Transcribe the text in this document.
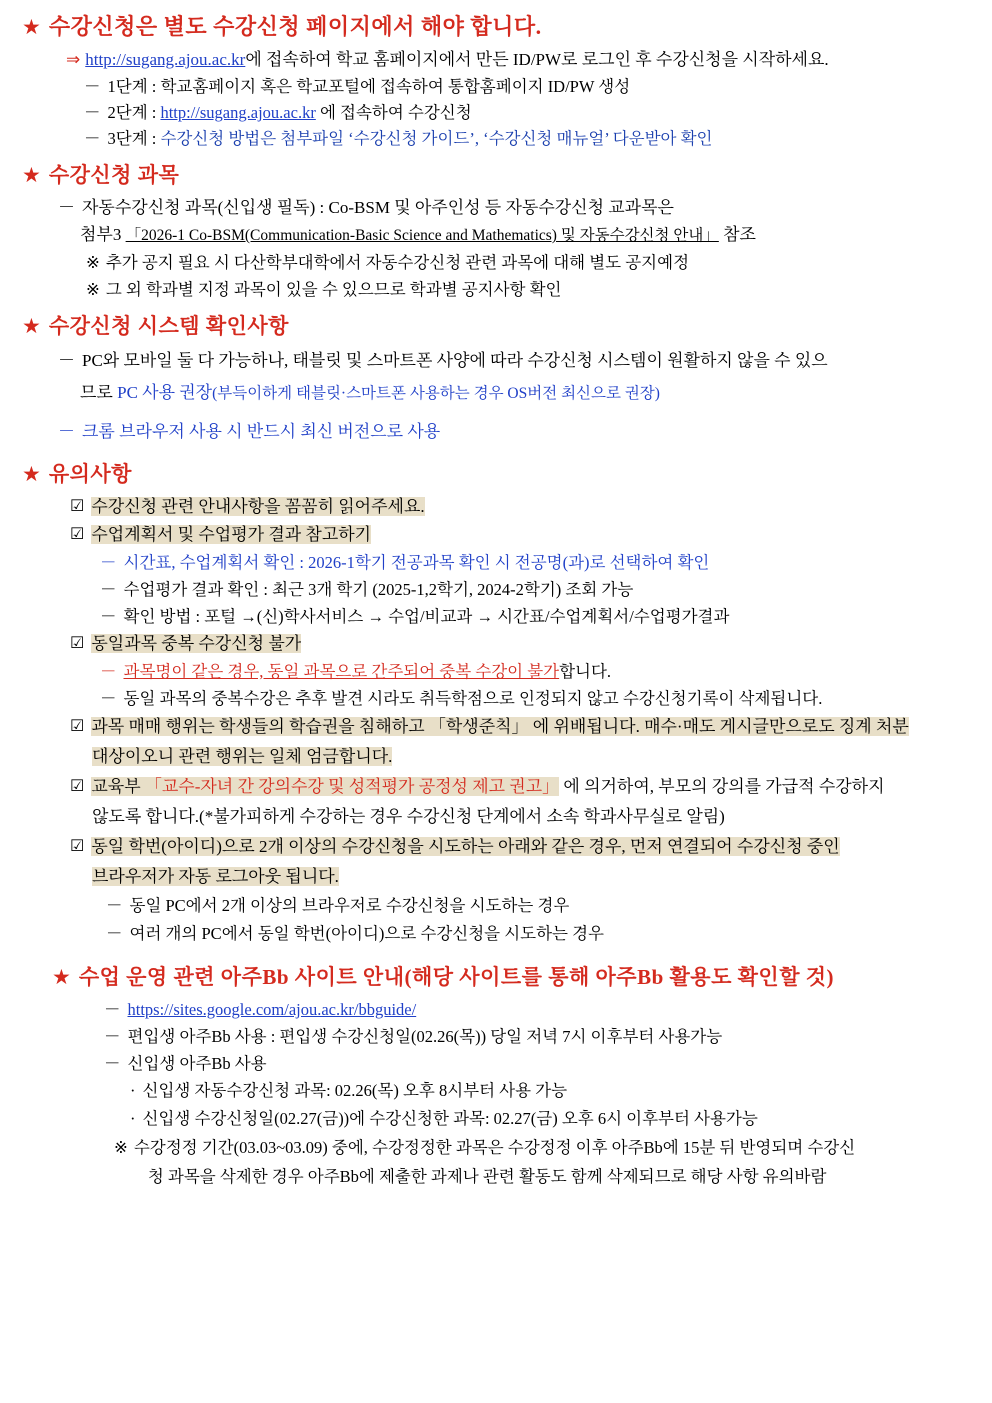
★ 수강신청은 별도 수강신청 페이지에서 해야 합니다.
⇒ http://sugang.ajou.ac.kr에 접속하여 학교 홈페이지에서 만든 ID/PW로 로그인 후 수강신청을 시작하세요.
－ 1단계 : 학교홈페이지 혹은 학교포털에 접속하여 통합홈페이지 ID/PW 생성
－ 2단계 : http://sugang.ajou.ac.kr 에 접속하여 수강신청
－ 3단계 : 수강신청 방법은 첨부파일 ‘수강신청 가이드’, ‘수강신청 매뉴얼’ 다운받아 확인
★ 수강신청 과목
－ 자동수강신청 과목(신입생 필독) : Co-BSM 및 아주인성 등 자동수강신청 교과목은
첨부3 「2026-1 Co-BSM(Communication-Basic Science and Mathematics) 및 자동수강신청 안내」 참조
※ 추가 공지 필요 시 다산학부대학에서 자동수강신청 관련 과목에 대해 별도 공지예정
※ 그 외 학과별 지정 과목이 있을 수 있으므로 학과별 공지사항 확인
★ 수강신청 시스템 확인사항
－ PC와 모바일 둘 다 가능하나, 태블릿 및 스마트폰 사양에 따라 수강신청 시스템이 원활하지 않을 수 있으
므로 PC 사용 권장(부득이하게 태블릿·스마트폰 사용하는 경우 OS버전 최신으로 권장)
－ 크롬 브라우저 사용 시 반드시 최신 버전으로 사용
★ 유의사항
☑ 수강신청 관련 안내사항을 꼼꼼히 읽어주세요.
☑ 수업계획서 및 수업평가 결과 참고하기
－ 시간표, 수업계획서 확인 : 2026-1학기 전공과목 확인 시 전공명(과)로 선택하여 확인
－ 수업평가 결과 확인 : 최근 3개 학기 (2025-1,2학기, 2024-2학기) 조회 가능
－ 확인 방법 : 포털 →(신)학사서비스 → 수업/비교과 → 시간표/수업계획서/수업평가결과
☑ 동일과목 중복 수강신청 불가
－ 과목명이 같은 경우, 동일 과목으로 간주되어 중복 수강이 불가합니다.
－ 동일 과목의 중복수강은 추후 발견 시라도 취득학점으로 인정되지 않고 수강신청기록이 삭제됩니다.
☑ 과목 매매 행위는 학생들의 학습권을 침해하고 「학생준칙」 에 위배됩니다. 매수·매도 게시글만으로도 징계 처분
대상이오니 관련 행위는 일체 엄금합니다.
☑ 교육부 「교수-자녀 간 강의수강 및 성적평가 공정성 제고 권고」 에 의거하여, 부모의 강의를 가급적 수강하지
않도록 합니다.(*불가피하게 수강하는 경우 수강신청 단계에서 소속 학과사무실로 알림)
☑ 동일 학번(아이디)으로 2개 이상의 수강신청을 시도하는 아래와 같은 경우, 먼저 연결되어 수강신청 중인
브라우저가 자동 로그아웃 됩니다.
－ 동일 PC에서 2개 이상의 브라우저로 수강신청을 시도하는 경우
－ 여러 개의 PC에서 동일 학번(아이디)으로 수강신청을 시도하는 경우
★ 수업 운영 관련 아주Bb 사이트 안내(해당 사이트를 통해 아주Bb 활용도 확인할 것)
－ https://sites.google.com/ajou.ac.kr/bbguide/
－ 편입생 아주Bb 사용 : 편입생 수강신청일(02.26(목)) 당일 저녁 7시 이후부터 사용가능
－ 신입생 아주Bb 사용
· 신입생 자동수강신청 과목: 02.26(목) 오후 8시부터 사용 가능
· 신입생 수강신청일(02.27(금))에 수강신청한 과목: 02.27(금) 오후 6시 이후부터 사용가능
※ 수강정정 기간(03.03~03.09) 중에, 수강정정한 과목은 수강정정 이후 아주Bb에 15분 뒤 반영되며 수강신
청 과목을 삭제한 경우 아주Bb에 제출한 과제나 관련 활동도 함께 삭제되므로 해당 사항 유의바람
